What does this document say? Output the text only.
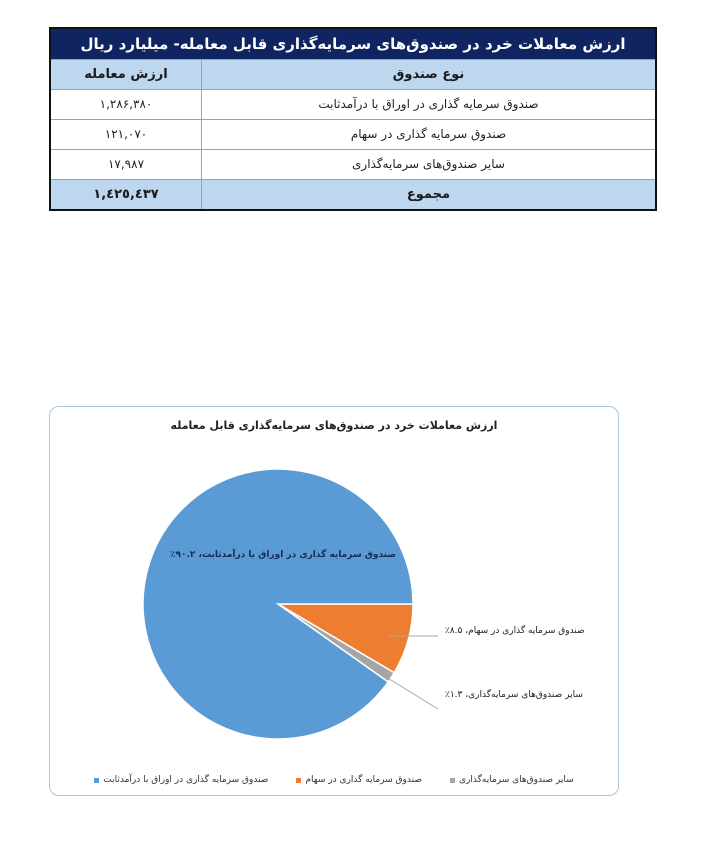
ارزش معاملات خرد در صندوق‌های سرمایه‌گذاری قابل معامله- میلیارد ریال
نوع صندوق
ارزش معامله
صندوق سرمایه گذاری در اوراق با درآمدثابت
۱,۲۸۶,۳۸۰
صندوق سرمایه گذاری در سهام
۱۲۱,۰۷۰
سایر صندوق‌های سرمایه‌گذاری
۱۷,۹۸۷
مجموع
۱,٤۲٥,٤۳۷
ارزش معاملات خرد در صندوق‌های سرمایه‌گذاری قابل معامله
صندوق سرمایه گذاری در اوراق با درآمدثابت، ۹۰.۲٪
صندوق سرمایه گذاری در سهام، ۸.۵٪
سایر صندوق‌های سرمایه‌گذاری، ۱.۳٪
سایر صندوق‌های سرمایه‌گذاری
صندوق سرمایه گذاری در سهام
صندوق سرمایه گذاری در اوراق با درآمدثابت
